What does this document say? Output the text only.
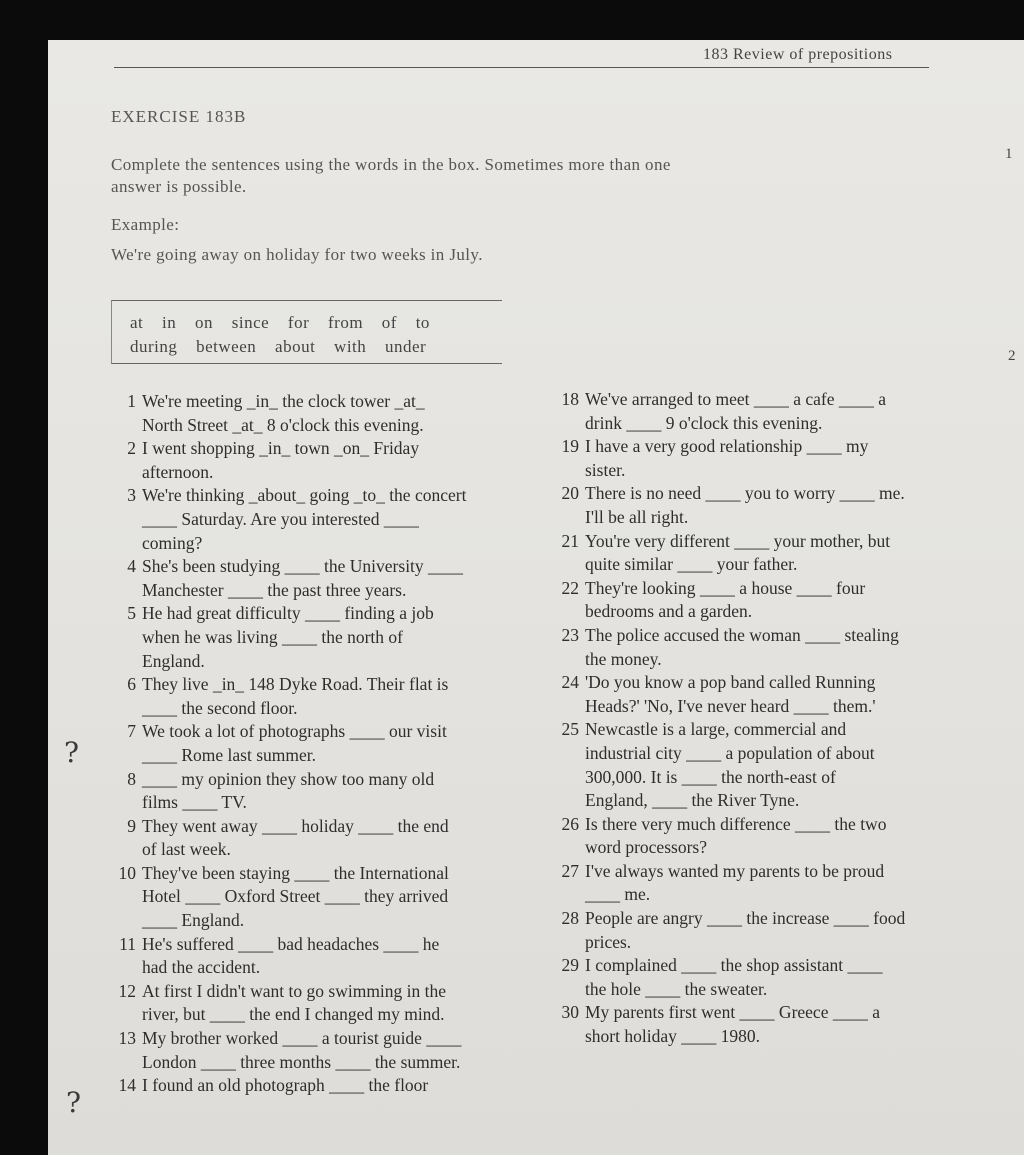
183 Review of prepositions
EXERCISE 183B
Complete the sentences using the words in the box. Sometimes more than one
answer is possible.
Example:
We're going away on holiday for two weeks in July.
at in on since for from of to
during between about with under
1 We're meeting _in_ the clock tower _at_
North Street _at_ 8 o'clock this evening.
2 I went shopping _in_ town _on_ Friday
afternoon.
3 We're thinking _about_ going _to_ the concert
____ Saturday. Are you interested ____
coming?
4 She's been studying ____ the University ____
Manchester ____ the past three years.
5 He had great difficulty ____ finding a job
when he was living ____ the north of
England.
6 They live _in_ 148 Dyke Road. Their flat is
____ the second floor.
7 We took a lot of photographs ____ our visit
____ Rome last summer.
8 ____ my opinion they show too many old
films ____ TV.
9 They went away ____ holiday ____ the end
of last week.
10 They've been staying ____ the International
Hotel ____ Oxford Street ____ they arrived
____ England.
11 He's suffered ____ bad headaches ____ he
had the accident.
12 At first I didn't want to go swimming in the
river, but ____ the end I changed my mind.
13 My brother worked ____ a tourist guide ____
London ____ three months ____ the summer.
14 I found an old photograph ____ the floor
18 We've arranged to meet ____ a cafe ____ a
drink ____ 9 o'clock this evening.
19 I have a very good relationship ____ my
sister.
20 There is no need ____ you to worry ____ me.
I'll be all right.
21 You're very different ____ your mother, but
quite similar ____ your father.
22 They're looking ____ a house ____ four
bedrooms and a garden.
23 The police accused the woman ____ stealing
the money.
24 'Do you know a pop band called Running
Heads?' 'No, I've never heard ____ them.'
25 Newcastle is a large, commercial and
industrial city ____ a population of about
300,000. It is ____ the north-east of
England, ____ the River Tyne.
26 Is there very much difference ____ the two
word processors?
27 I've always wanted my parents to be proud
____ me.
28 People are angry ____ the increase ____ food
prices.
29 I complained ____ the shop assistant ____
the hole ____ the sweater.
30 My parents first went ____ Greece ____ a
short holiday ____ 1980.
1
2
?
?
